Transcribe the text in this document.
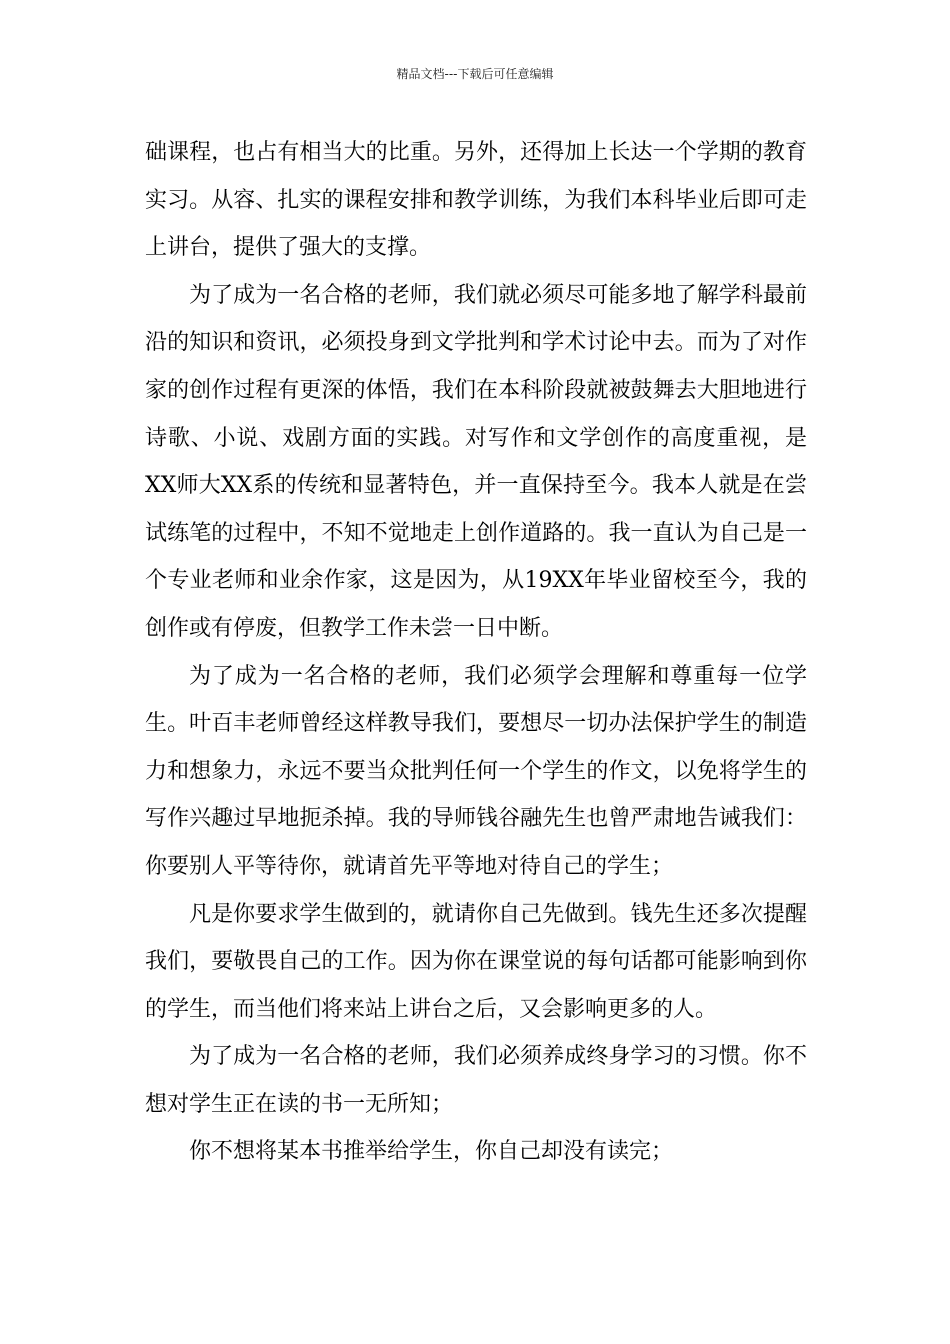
精品文档---下载后可任意编辑

础课程，也占有相当大的比重。另外，还得加上长达一个学期的教育实习。从容、扎实的课程安排和教学训练，为我们本科毕业后即可走上讲台，提供了强大的支撑。

为了成为一名合格的老师，我们就必须尽可能多地了解学科最前沿的知识和资讯，必须投身到文学批判和学术讨论中去。而为了对作家的创作过程有更深的体悟，我们在本科阶段就被鼓舞去大胆地进行诗歌、小说、戏剧方面的实践。对写作和文学创作的高度重视，是XX师大XX系的传统和显著特色，并一直保持至今。我本人就是在尝试练笔的过程中，不知不觉地走上创作道路的。我一直认为自己是一个专业老师和业余作家，这是因为，从19XX年毕业留校至今，我的创作或有停废，但教学工作未尝一日中断。

为了成为一名合格的老师，我们必须学会理解和尊重每一位学生。叶百丰老师曾经这样教导我们，要想尽一切办法保护学生的制造力和想象力，永远不要当众批判任何一个学生的作文，以免将学生的写作兴趣过早地扼杀掉。我的导师钱谷融先生也曾严肃地告诫我们：你要别人平等待你，就请首先平等地对待自己的学生；

凡是你要求学生做到的，就请你自己先做到。钱先生还多次提醒我们，要敬畏自己的工作。因为你在课堂说的每句话都可能影响到你的学生，而当他们将来站上讲台之后，又会影响更多的人。

为了成为一名合格的老师，我们必须养成终身学习的习惯。你不想对学生正在读的书一无所知；

你不想将某本书推举给学生，你自己却没有读完；
